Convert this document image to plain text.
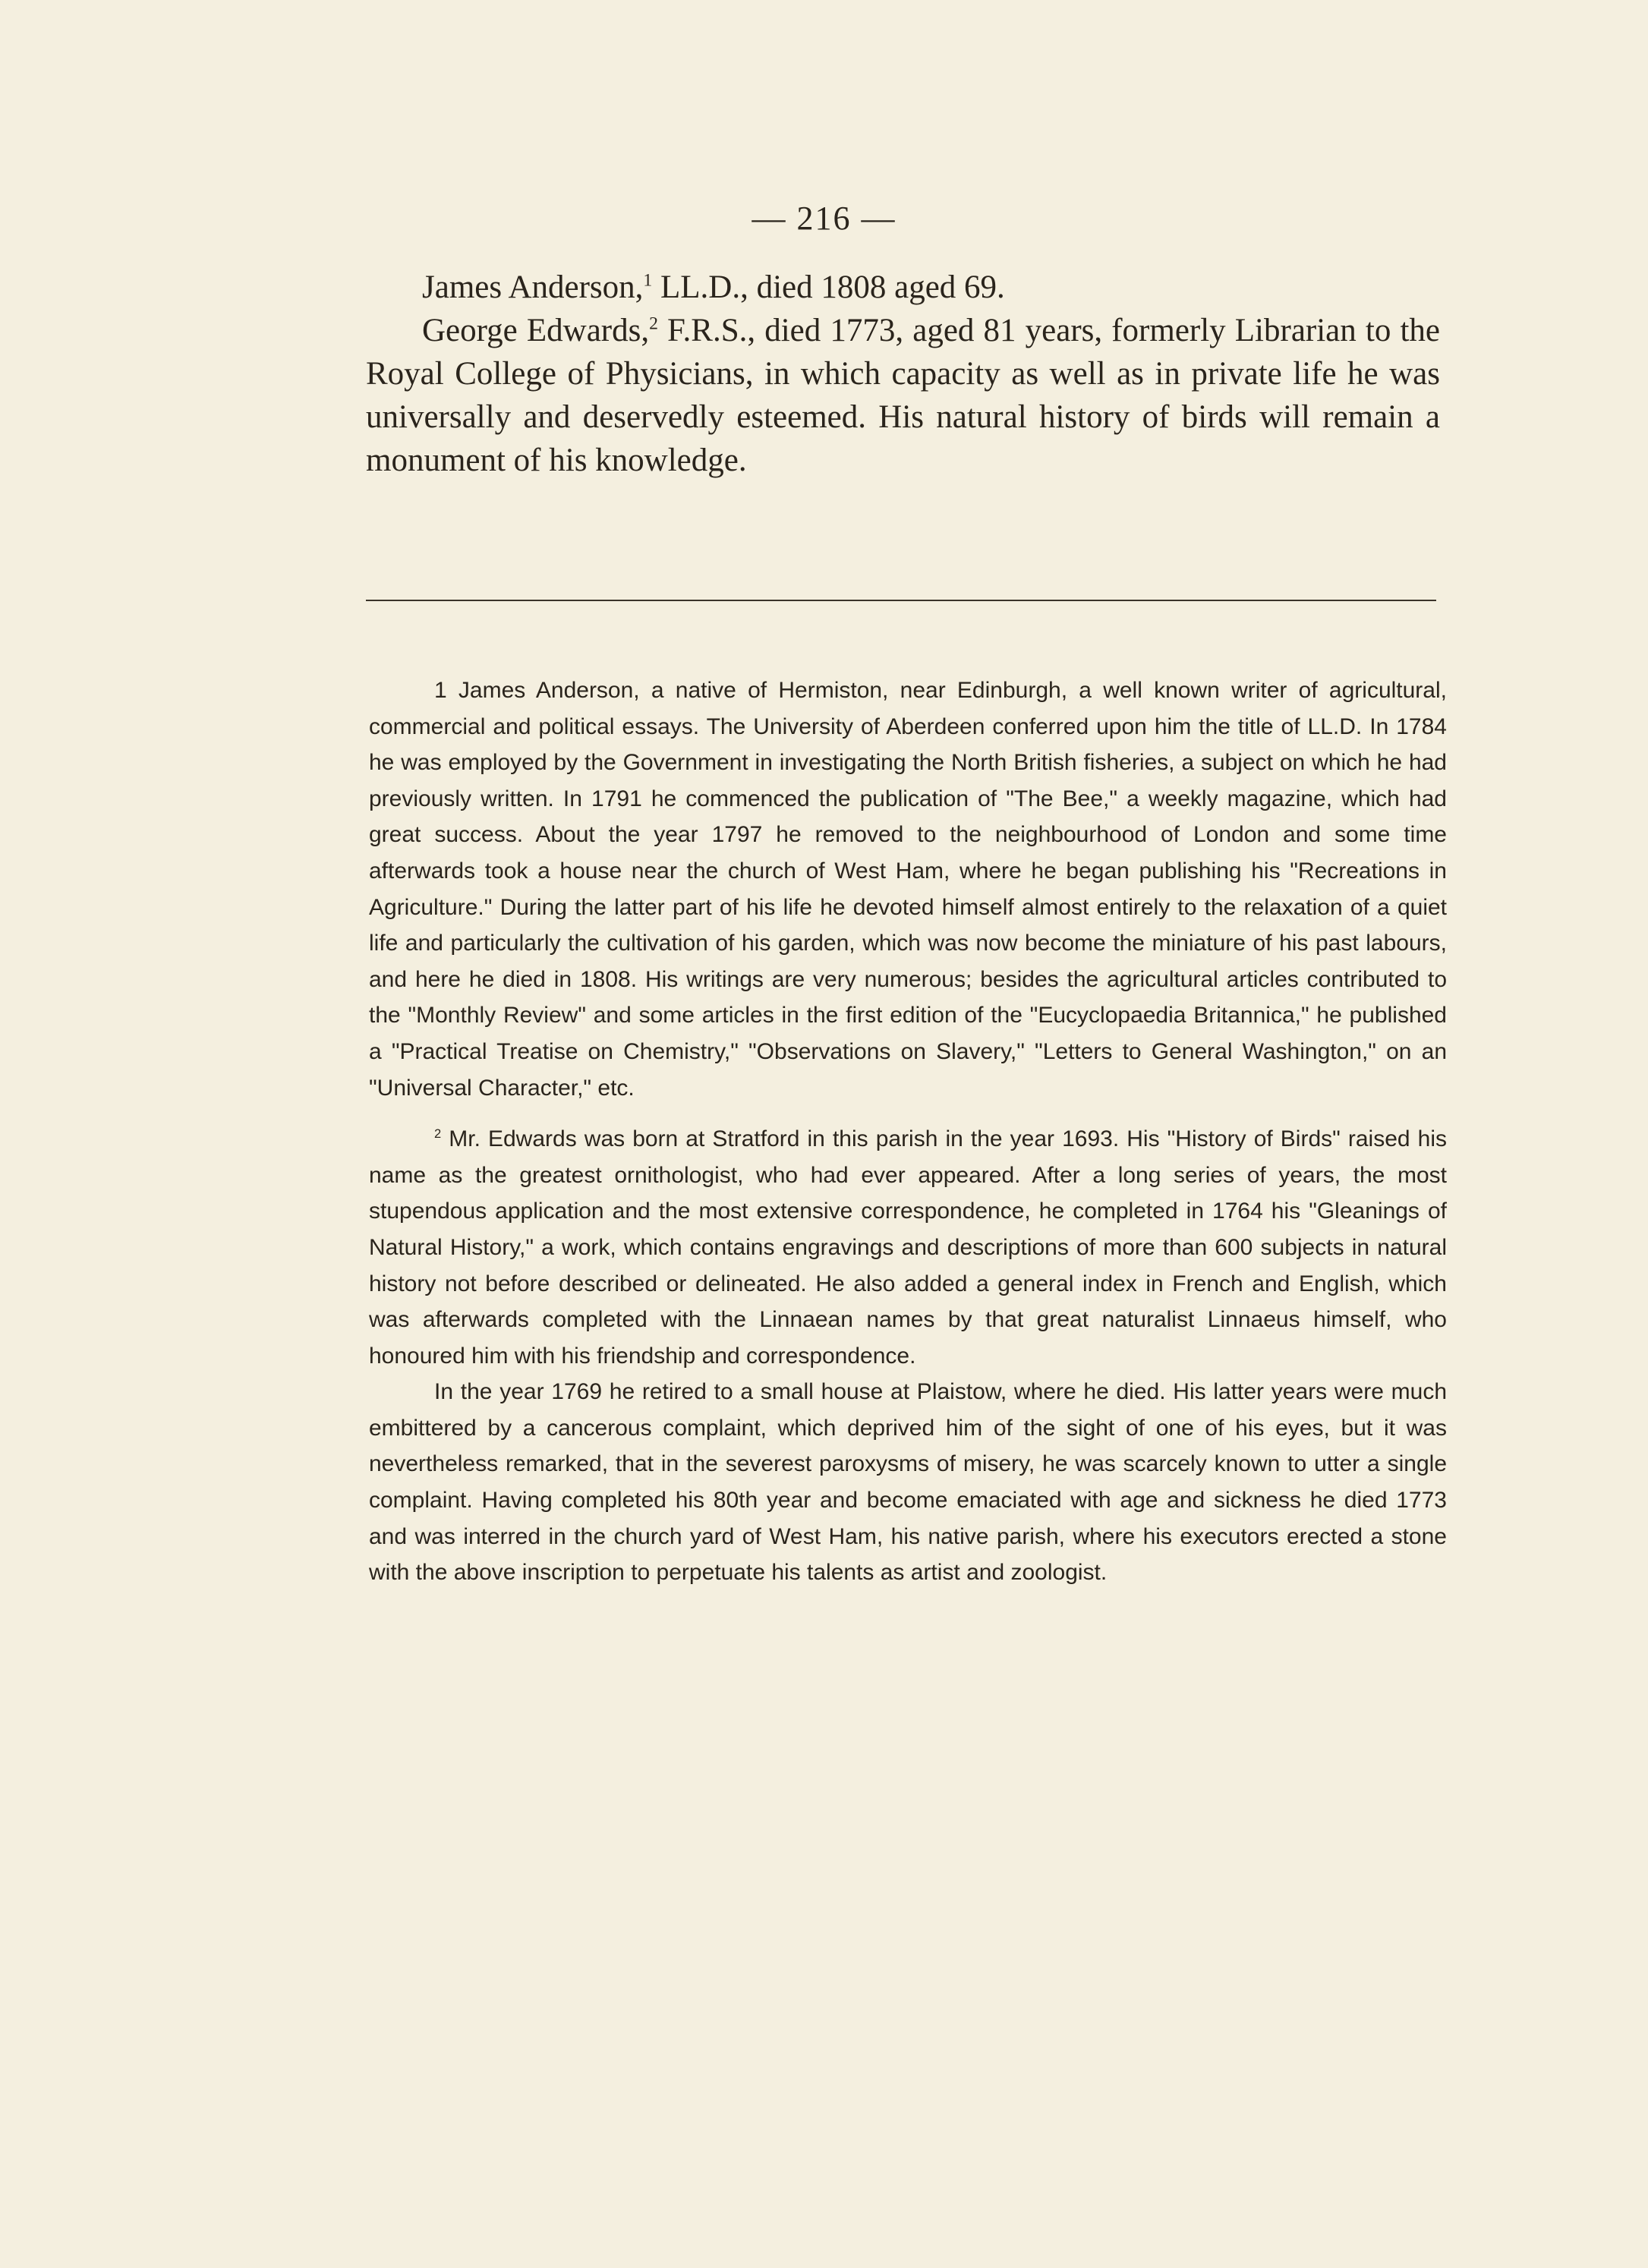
— 216 —

James Anderson,$^1$ LL.D., died 1808 aged 69.

George Edwards,$^2$ F.R.S., died 1773, aged 81 years, formerly Librarian to the Royal College of Physicians, in which capacity as well as in private life he was universally and deservedly esteemed. His natural history of birds will remain a monument of his knowledge.

1 James Anderson, a native of Hermiston, near Edinburgh, a well known writer of agricultural, commercial and political essays. The University of Aberdeen conferred upon him the title of LL.D. In 1784 he was employed by the Government in investigating the North British fisheries, a subject on which he had previously written. In 1791 he commenced the publication of "The Bee," a weekly magazine, which had great success. About the year 1797 he removed to the neighbourhood of London and some time afterwards took a house near the church of West Ham, where he began publishing his "Recreations in Agriculture." During the latter part of his life he devoted himself almost entirely to the relaxation of a quiet life and particularly the cultivation of his garden, which was now become the miniature of his past labours, and here he died in 1808. His writings are very numerous; besides the agricultural articles contributed to the "Monthly Review" and some articles in the first edition of the "Eucyclopaedia Britannica," he published a "Practical Treatise on Chemistry," "Observations on Slavery," "Letters to General Washington," on an "Universal Character," etc.

$^2$ Mr. Edwards was born at Stratford in this parish in the year 1693. His "History of Birds" raised his name as the greatest ornithologist, who had ever appeared. After a long series of years, the most stupendous application and the most extensive correspondence, he completed in 1764 his "Gleanings of Natural History," a work, which contains engravings and descriptions of more than 600 subjects in natural history not before described or delineated. He also added a general index in French and English, which was afterwards completed with the Linnaean names by that great naturalist Linnaeus himself, who honoured him with his friendship and correspondence.

In the year 1769 he retired to a small house at Plaistow, where he died. His latter years were much embittered by a cancerous complaint, which deprived him of the sight of one of his eyes, but it was nevertheless remarked, that in the severest paroxysms of misery, he was scarcely known to utter a single complaint. Having completed his 80th year and become emaciated with age and sickness he died 1773 and was interred in the church yard of West Ham, his native parish, where his executors erected a stone with the above inscription to perpetuate his talents as artist and zoologist.
